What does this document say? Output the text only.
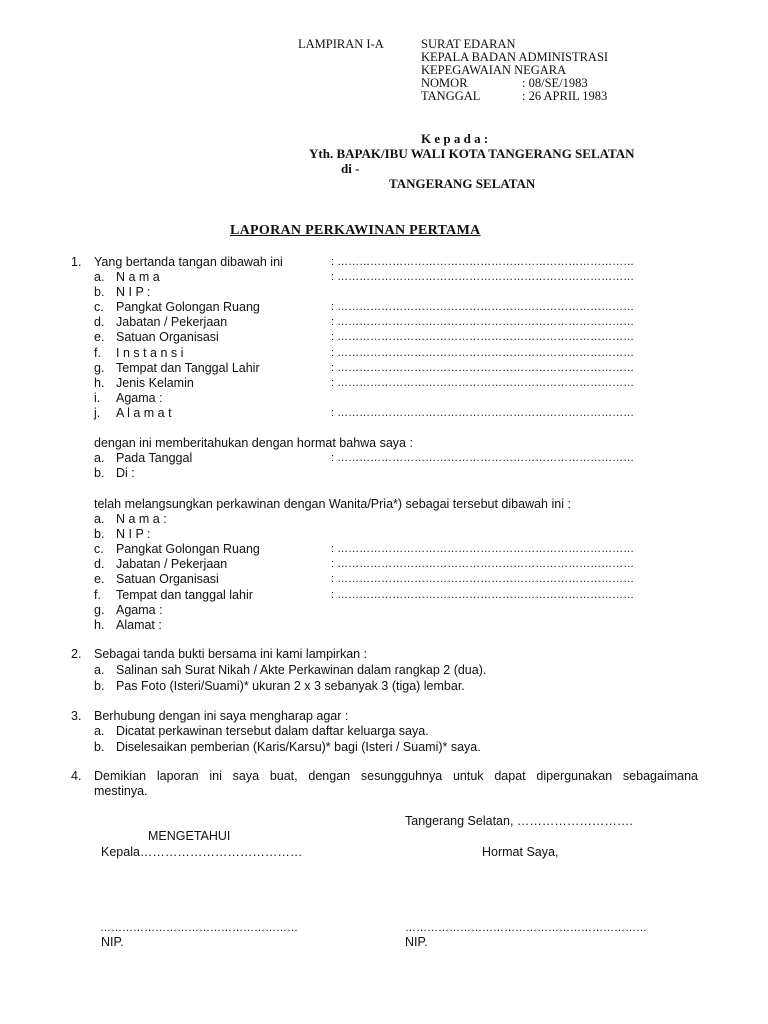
LAMPIRAN I-A	SURAT EDARAN
KEPALA BADAN ADMINISTRASI
KEPEGAWAIAN NEGARA
NOMOR	: 08/SE/1983
TANGGAL	: 26 APRIL 1983
K e p a d a :
Yth. BAPAK/IBU WALI KOTA TANGERANG SELATAN
di -
TANGERANG SELATAN
LAPORAN PERKAWINAN PERTAMA
Tangerang Selatan, ……………………….
MENGETAHUI
Kepala…………………………………	Hormat Saya,
………………………………………………	…………………………………………………………
NIP.	NIP.
1. Yang bertanda tangan dibawah ini	: ………………………………………………………………………
a. N a m a	: ………………………………………………………………………
b. N I P :
c. Pangkat Golongan Ruang	: ………………………………………………………………………
d. Jabatan / Pekerjaan	: ………………………………………………………………………
e. Satuan Organisasi	: ………………………………………………………………………
f. I n s t a n s i	: ………………………………………………………………………
g. Tempat dan Tanggal Lahir	: ………………………………………………………………………
h. Jenis Kelamin	: ………………………………………………………………………
i. Agama :
j. A l a m a t	: ………………………………………………………………………
dengan ini memberitahukan dengan hormat bahwa saya :
a. Pada Tanggal	: ………………………………………………………………………
b. Di :
telah melangsungkan perkawinan dengan Wanita/Pria*) sebagai tersebut dibawah ini :
a. N a m a :
b. N I P :
c. Pangkat Golongan Ruang	: ………………………………………………………………………
d. Jabatan / Pekerjaan	: ………………………………………………………………………
e. Satuan Organisasi	: ………………………………………………………………………
f. Tempat dan tanggal lahir	: ………………………………………………………………………
g. Agama :
h. Alamat :
2. Sebagai tanda bukti bersama ini kami lampirkan :
a. Salinan sah Surat Nikah / Akte Perkawinan dalam rangkap 2 (dua).
b. Pas Foto (Isteri/Suami)* ukuran 2 x 3 sebanyak 3 (tiga) lembar.
3. Berhubung dengan ini saya mengharap agar :
a. Dicatat perkawinan tersebut dalam daftar keluarga saya.
b. Diselesaikan pemberian (Karis/Karsu)* bagi (Isteri / Suami)* saya.
4. Demikian laporan ini saya buat, dengan sesungguhnya untuk dapat dipergunakan sebagaimana
mestinya.
